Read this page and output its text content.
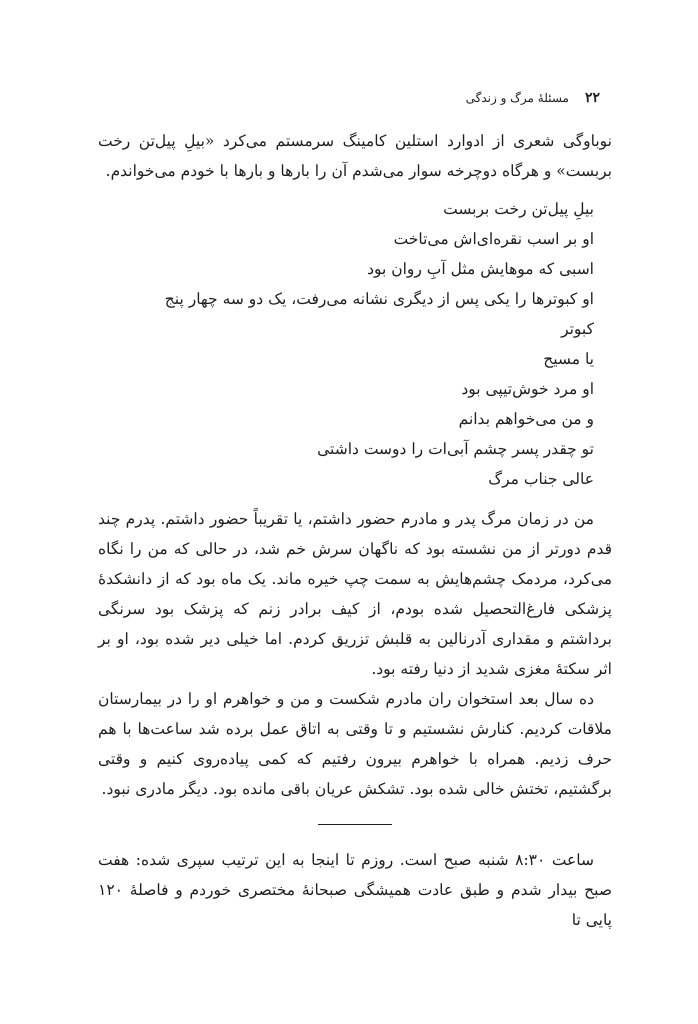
۲۲
مسئلهٔ مرگ و زندگی

نوباوگی شعری از ادوارد استلین کامینگ سرمستم می‌کرد «بیلِ پیل‌تن رخت بربست» و هرگاه دوچرخه سوار می‌شدم آن را بارها و بارها با خودم می‌خواندم.

بیلِ پیل‌تن رخت بربست
او بر اسب نقره‌ای‌اش می‌تاخت
اسبی که موهایش مثل آبِ روان بود
او کبوترها را یکی پس از دیگری نشانه می‌رفت، یک دو سه چهار پنج
کبوتر
یا مسیح
او مرد خوش‌تیپی بود
و من می‌خواهم بدانم
تو چقدر پسر چشم آبی‌ات را دوست داشتی
عالی جناب مرگ

من در زمان مرگ پدر و مادرم حضور داشتم، یا تقریباً حضور داشتم. پدرم چند قدم دورتر از من نشسته بود که ناگهان سرش خم شد، در حالی که من را نگاه می‌کرد، مردمک چشم‌هایش به سمت چپ خیره ماند. یک ماه بود که از دانشکدهٔ پزشکی فارغ‌التحصیل شده بودم، از کیف برادر زنم که پزشک بود سرنگی برداشتم و مقداری آدرنالین به قلبش تزریق کردم. اما خیلی دیر شده بود، او بر اثر سکتهٔ مغزی شدید از دنیا رفته بود.

ده سال بعد استخوان ران مادرم شکست و من و خواهرم او را در بیمارستان ملاقات کردیم. کنارش نشستیم و تا وقتی به اتاق عمل برده شد ساعت‌ها با هم حرف زدیم. همراه با خواهرم بیرون رفتیم که کمی پیاده‌روی کنیم و وقتی برگشتیم، تختش خالی شده بود. تشکش عریان باقی مانده بود. دیگر مادری نبود.

ساعت ۸:۳۰ شنبه صبح است. روزم تا اینجا به این ترتیب سپری شده: هفت صبح بیدار شدم و طبق عادت همیشگی صبحانهٔ مختصری خوردم و فاصلهٔ ۱۲۰ پایی تا
